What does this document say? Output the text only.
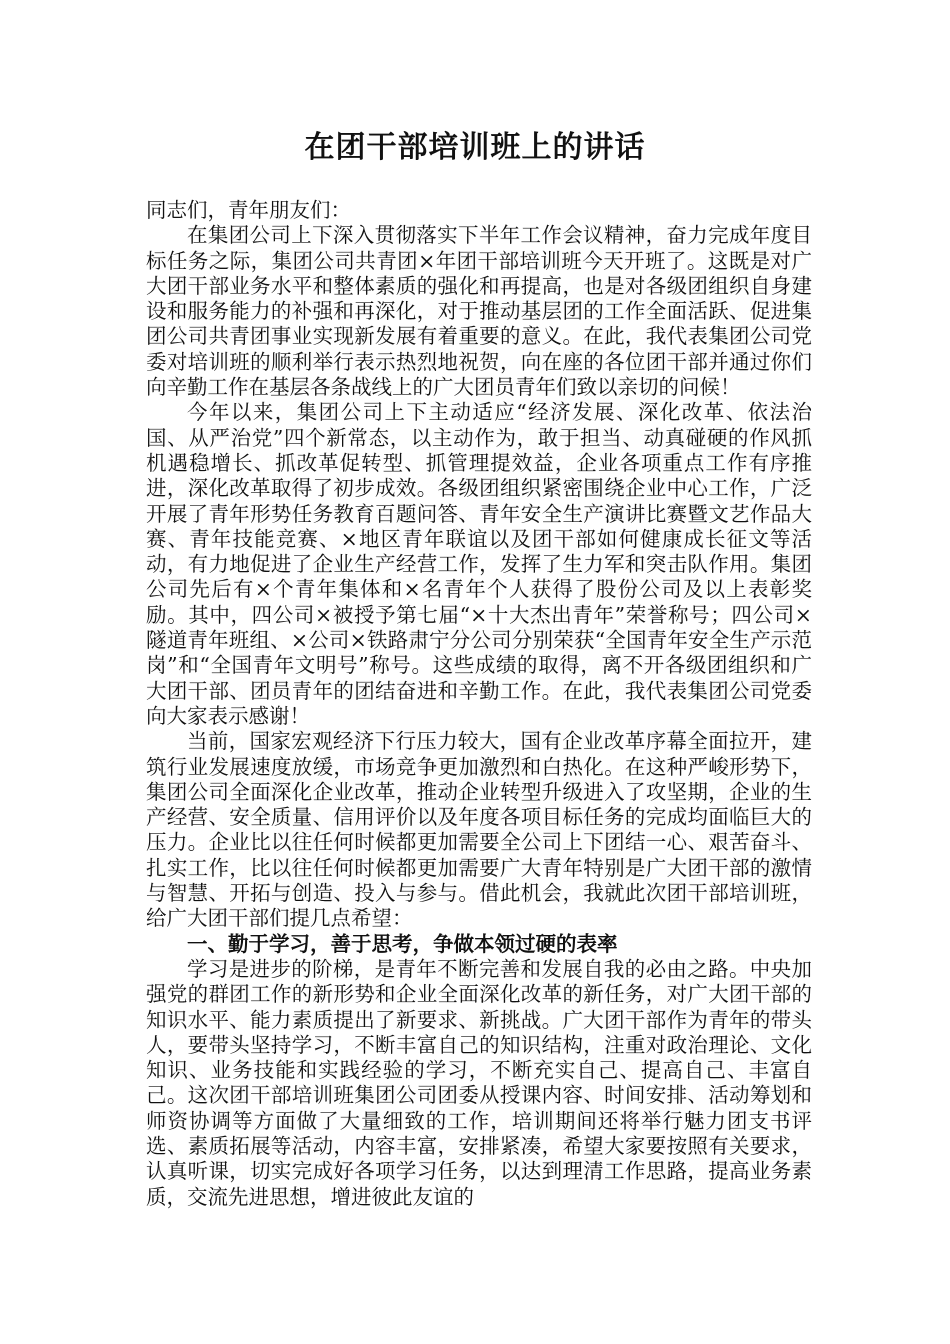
在团干部培训班上的讲话

同志们，青年朋友们：

在集团公司上下深入贯彻落实下半年工作会议精神，奋力完成年度目标任务之际，集团公司共青团×年团干部培训班今天开班了。这既是对广大团干部业务水平和整体素质的强化和再提高，也是对各级团组织自身建设和服务能力的补强和再深化，对于推动基层团的工作全面活跃、促进集团公司共青团事业实现新发展有着重要的意义。在此，我代表集团公司党委对培训班的顺利举行表示热烈地祝贺，向在座的各位团干部并通过你们向辛勤工作在基层各条战线上的广大团员青年们致以亲切的问候！

今年以来，集团公司上下主动适应“经济发展、深化改革、依法治国、从严治党”四个新常态，以主动作为，敢于担当、动真碰硬的作风抓机遇稳增长、抓改革促转型、抓管理提效益，企业各项重点工作有序推进，深化改革取得了初步成效。各级团组织紧密围绕企业中心工作，广泛开展了青年形势任务教育百题问答、青年安全生产演讲比赛暨文艺作品大赛、青年技能竞赛、×地区青年联谊以及团干部如何健康成长征文等活动，有力地促进了企业生产经营工作，发挥了生力军和突击队作用。集团公司先后有×个青年集体和×名青年个人获得了股份公司及以上表彰奖励。其中，四公司×被授予第七届“×十大杰出青年”荣誉称号；四公司×隧道青年班组、×公司×铁路肃宁分公司分别荣获“全国青年安全生产示范岗”和“全国青年文明号”称号。这些成绩的取得，离不开各级团组织和广大团干部、团员青年的团结奋进和辛勤工作。在此，我代表集团公司党委向大家表示感谢！

当前，国家宏观经济下行压力较大，国有企业改革序幕全面拉开，建筑行业发展速度放缓，市场竞争更加激烈和白热化。在这种严峻形势下，集团公司全面深化企业改革，推动企业转型升级进入了攻坚期，企业的生产经营、安全质量、信用评价以及年度各项目标任务的完成均面临巨大的压力。企业比以往任何时候都更加需要全公司上下团结一心、艰苦奋斗、扎实工作，比以往任何时候都更加需要广大青年特别是广大团干部的激情与智慧、开拓与创造、投入与参与。借此机会，我就此次团干部培训班，给广大团干部们提几点希望：

一、勤于学习，善于思考，争做本领过硬的表率

学习是进步的阶梯，是青年不断完善和发展自我的必由之路。中央加强党的群团工作的新形势和企业全面深化改革的新任务，对广大团干部的知识水平、能力素质提出了新要求、新挑战。广大团干部作为青年的带头人，要带头坚持学习，不断丰富自己的知识结构，注重对政治理论、文化知识、业务技能和实践经验的学习，不断充实自己、提高自己、丰富自己。这次团干部培训班集团公司团委从授课内容、时间安排、活动筹划和师资协调等方面做了大量细致的工作，培训期间还将举行魅力团支书评选、素质拓展等活动，内容丰富，安排紧凑，希望大家要按照有关要求，认真听课，切实完成好各项学习任务，以达到理清工作思路，提高业务素质，交流先进思想，增进彼此友谊的
